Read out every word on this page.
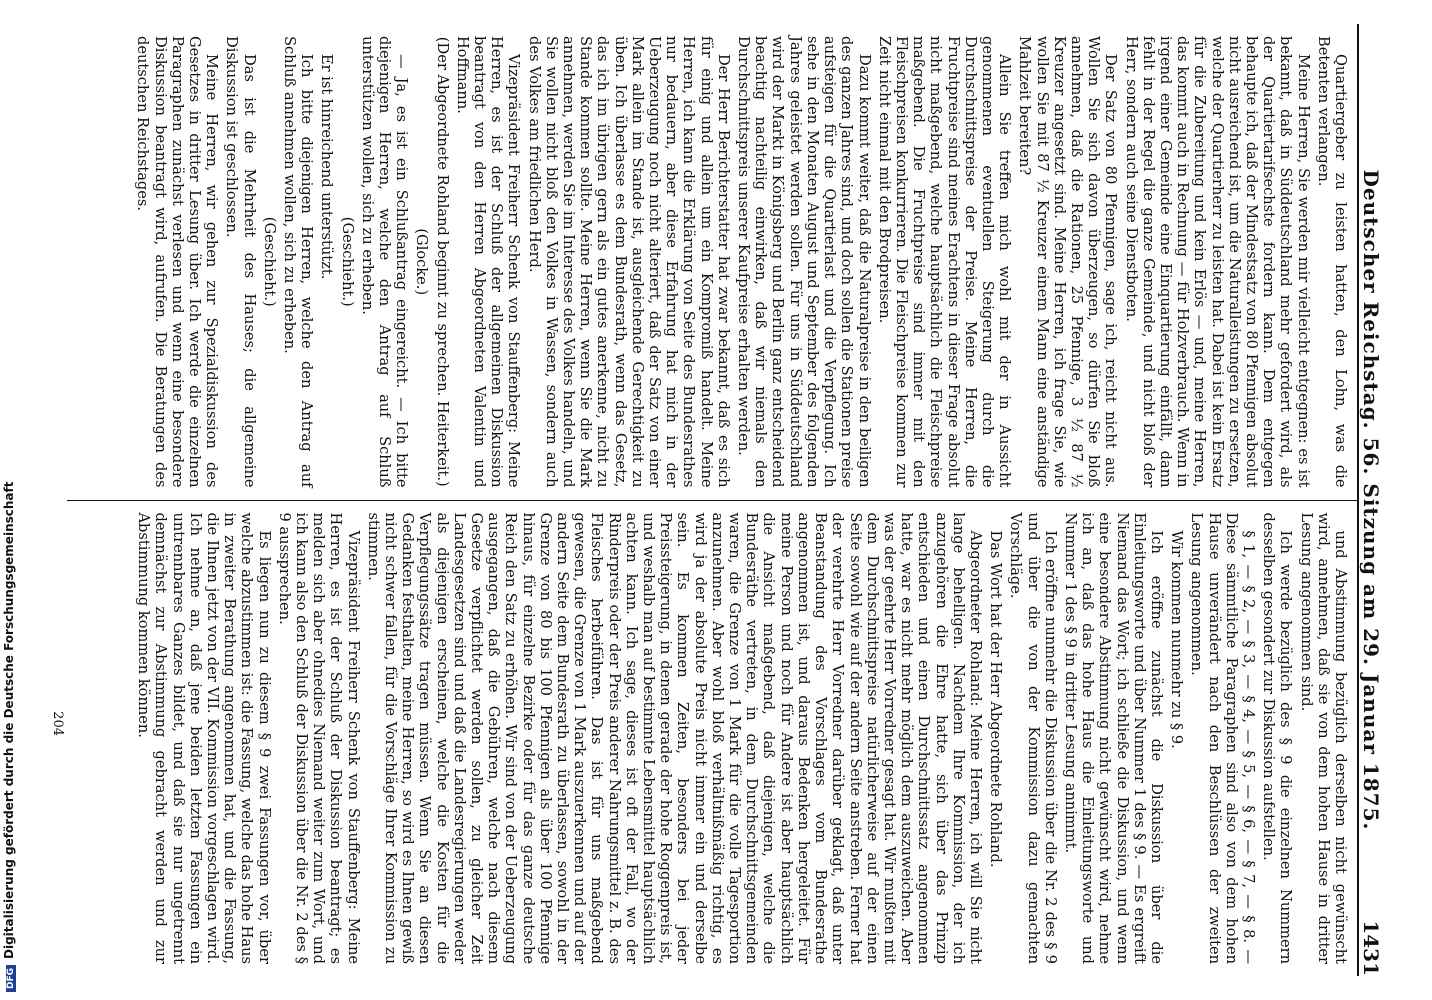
Deutscher Reichstag. 56. Sitzung am 29. Januar 1875.
1431

Quartiergeber zu leisten hatten, den Lohn, was die Betenten verlangen.

Meine Herren, Sie werden mir vielleicht entgegnen: es ist bekannt, daß in Süddeutschland mehr gefordert wird, als der Quartiertarifsechste fordern kann. Dem entgegen behaupte ich, daß der Mindestsatz von 80 Pfennigen absolut nicht ausreichend ist, um die Naturalleistungen zu ersetzen, welche der Quartierherr zu leisten hat. Dabei ist kein Ersatz für die Zubereitung und kein Erlös — und, meine Herren, das kommt auch in Rechnung — für Holzverbrauch. Wenn in irgend einer Gemeinde eine Einquartierung einfällt, dann fehlt in der Regel die ganze Gemeinde, und nicht bloß der Herr, sondern auch seine Dienstboten.

Der Satz von 80 Pfennigen, sage ich, reicht nicht aus. Wollen Sie sich davon überzeugen, so dürfen Sie bloß annehmen, daß die Rationen, 25 Pfennige, 3 ½ 87 ½ Kreuzer angesetzt sind. Meine Herren, ich frage Sie, wie wollen Sie mit 87 ½ Kreuzer einem Mann eine anständige Mahlzeit bereiten?

Allein Sie treffen mich wohl mit der in Aussicht genommenen eventuellen Steigerung durch die Durchschnittspreise der Preise. Meine Herren, die Fruchtpreise sind meines Erachtens in dieser Frage absolut nicht maßgebend, welche hauptsächlich die Fleischpreise maßgebend. Die Fruchtpreise sind immer mit den Fleischpreisen konkurrieren. Die Fleischpreise kommen zur Zeit nicht einmal mit den Brodpreisen.

Dazu kommt weiter, daß die Naturalpreise in den beiligen des ganzen Jahres sind, und doch sollen die Stationen preise aufsteigen für die Quartierlast und die Verpflegung. Ich sehe in den Monaten August und September des folgenden Jahres geleistet werden sollen. Für uns in Süddeutschland wird der Markt in Königsberg und Berlin ganz entscheidend beachtig nachteilig einwirken, daß wir niemals den Durchschnittspreis unserer Kaufpreise erhalten werden.

Der Herr Berichterstatter hat zwar bekannt, daß es sich für einig und allein um ein Kompromiß handelt. Meine Herren, ich kann die Erklärung von Seite des Bundesrathes nur bedauern, aber diese Erfahrung hat mich in der Ueberzeugung noch nicht alteriert, daß der Satz von einer Mark allein im Stande ist, ausgleichende Gerechtigkeit zu üben. Ich überlasse es dem Bundesrath, wenn das Gesetz, das ich im übrigen gern als ein gutes anerkenne, nicht zu Stande kommen sollte. Meine Herren, wenn Sie die Mark annehmen, werden Sie im Interesse des Volkes handeln, und Sie wollen nicht bloß den Volkes in Wassen, sondern auch des Volkes am friedlichen Herd.

Vizepräsident Freiherr Schenk von Stauffenberg: Meine Herren, es ist der Schluß der allgemeinen Diskussion beantragt von den Herren Abgeordneten Valentin und Hoffmann.

(Der Abgeordnete Rohland beginnt zu sprechen. Heiterkeit.)

(Glocke.)

— Ja, es ist ein Schlußantrag eingereicht. — Ich bitte diejenigen Herren, welche den Antrag auf Schluß unterstützen wollen, sich zu erheben.

(Geschieht.)

Er ist hinreichend unterstützt.

Ich bitte diejenigen Herren, welche den Antrag auf Schluß annehmen wollen, sich zu erheben.

(Geschieht.)

Das ist die Mehrheit des Hauses; die allgemeine Diskussion ist geschlossen.

Meine Herren, wir gehen zur Spezialdiskussion des Gesetzes in dritter Lesung über. Ich werde die einzelnen Paragraphen zunächst verlesen und wenn eine besondere Diskussion beantragt wird, aufrufen. Die Beratungen des deutschen Reichstages.

und Abstimmung bezüglich derselben nicht gewünscht wird, annehmen, daß sie von dem hohen Hause in dritter Lesung angenommen sind.

Ich werde bezüglich des § 9 die einzelnen Nummern desselben gesondert zur Diskussion aufstellen.

§ 1, — § 2, — § 3, — § 4, — § 5, — § 6, — § 7, — § 8. — Diese sämmtliche Paragraphen sind also von dem hohen Hause unverändert nach den Beschlüssen der zweiten Lesung angenommen.

Wir kommen nunmehr zu § 9.

Ich eröffne zunächst die Diskussion über die Einleitungsworte und über Nummer 1 des § 9. — Es ergreift Niemand das Wort; ich schließe die Diskussion, und wenn eine besondere Abstimmung nicht gewünscht wird, nehme ich an, daß das hohe Haus die Einleitungsworte und Nummer 1 des § 9 in dritter Lesung annimmt.

Ich eröffne nunmehr die Diskussion über die Nr. 2 des § 9 und über die von der Kommission dazu gemachten Vorschläge.

Das Wort hat der Herr Abgeordnete Rohland.

Abgeordneter Rohland: Meine Herren, ich will Sie nicht lange behelligen. Nachdem Ihre Kommission, der ich anzugehören die Ehre hatte, sich über das Prinzip entschieden und einen Durchschnittssatz angenommen hatte, war es nicht mehr möglich dem auszuweichen. Aber was der geehrte Herr Vorredner gesagt hat. Wir mußten mit dem Durchschnittspreise natürlicherweise auf der einen Seite sowohl wie auf der andern Seite anstreben. Ferner hat der verehrte Herr Vorredner darüber geklagt, daß unter Beanstandung des Vorschlages vom Bundesrathe angenommen ist, und daraus Bedenken hergeleitet. Für meine Person und noch für Andere ist aber hauptsächlich die Ansicht maßgebend, daß diejenigen, welche die Bundesräthe vertreten, in dem Durchschnittsgemeinden waren, die Grenze von 1 Mark für die volle Tagesportion anzunehmen. Aber wohl bloß verhältnißmäßig richtig, es wird ja der absolute Preis nicht immer ein und derselbe sein. Es kommen Zeiten, besonders bei jeder Preissteigerung, in denen gerade der hohe Roggenpreis ist, und weshalb man auf bestimmte Lebensmittel hauptsächlich achten kann. Ich sage, dieses ist oft der Fall, wo der Rinderpreis oder der Preis anderer Nahrungsmittel z. B. des Fleisches herbeiführen. Das ist für uns maßgebend gewesen, die Grenze von 1 Mark auszuerkennen und auf der andern Seite dem Bundesrath zu überlassen, sowohl in der Grenze von 80 bis 100 Pfennigen als über 100 Pfennige hinaus, für einzelne Bezirke oder für das ganze deutsche Reich den Satz zu erhöhen. Wir sind von der Ueberzeugung ausgegangen, daß die Gebühren, welche nach diesem Gesetze verpflichtet werden sollen, zu gleicher Zeit Landesgesetzen sind und daß die Landesregierungen weder als diejenigen erscheinen, welche die Kosten für die Verpflegungssätze tragen müssen. Wenn Sie an diesen Gedanken festhalten, meine Herren, so wird es Ihnen gewiß nicht schwer fallen, für die Vorschläge Ihrer Kommission zu stimmen.

Vizepräsident Freiherr Schenk von Stauffenberg: Meine Herren, es ist der Schluß der Diskussion beantragt; es melden sich aber ohnedies Niemand weiter zum Wort, und ich kann also den Schluß der Diskussion über die Nr. 2 des § 9 aussprechen.

Es liegen nun zu diesem § 9 zwei Fassungen vor, über welche abzustimmen ist: die Fassung, welche das hohe Haus in zweiter Berathung angenommen hat, und die Fassung, die Ihnen jetzt von der VII. Kommission vorgeschlagen wird. Ich nehme an, daß jene beiden letzten Fassungen ein untrennbares Ganzes bildet, und daß sie nur ungetrennt demnächst zur Abstimmung gebracht werden und zur Abstimmung kommen können.

204
DFGDigitalisierung gefördert durch die Deutsche Forschungsgemeinschaft
